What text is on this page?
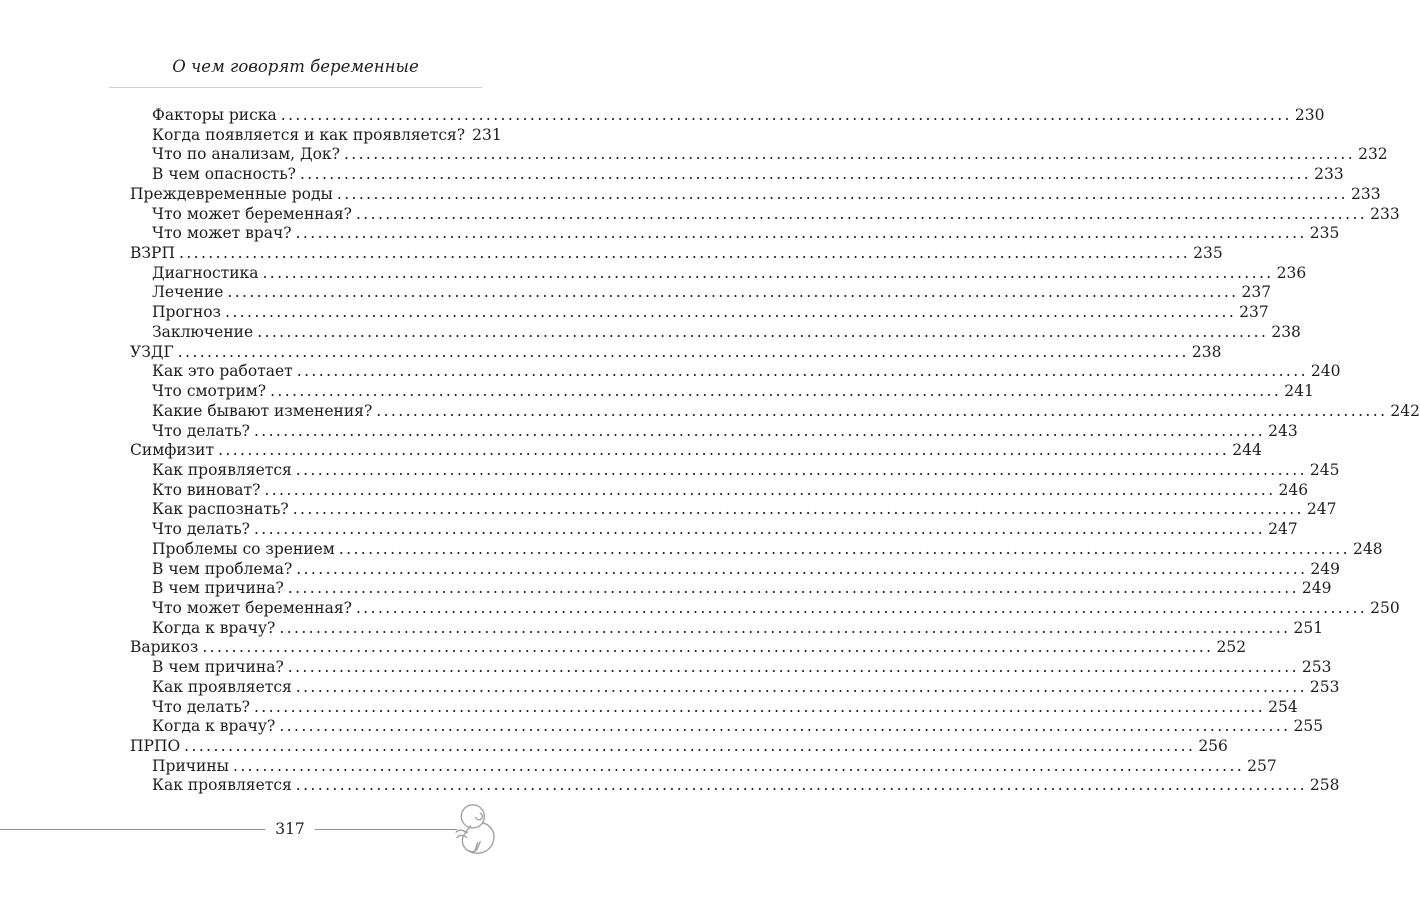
О чем говорят беременные
Факторы риска .....	230
Когда появляется и как проявляется? 231
Что по анализам, Док? .....	232
В чем опасность? .....	233
Преждевременные роды .....	233
Что может беременная? .....	233
Что может врач? .....	235
ВЗРП .....	235
Диагностика .....	236
Лечение .....	237
Прогноз .....	237
Заключение .....	238
УЗДГ .....	238
Как это работает .....	240
Что смотрим? .....	241
Какие бывают изменения? .....	242
Что делать? .....	243
Симфизит .....	244
Как проявляется .....	245
Кто виноват? .....	246
Как распознать? .....	247
Что делать? .....	247
Проблемы со зрением .....	248
В чем проблема? .....	249
В чем причина? .....	249
Что может беременная? .....	250
Когда к врачу? .....	251
Варикоз .....	252
В чем причина? .....	253
Как проявляется .....	253
Что делать? .....	254
Когда к врачу? .....	255
ПРПО .....	256
Причины .....	257
Как проявляется .....	258
317
